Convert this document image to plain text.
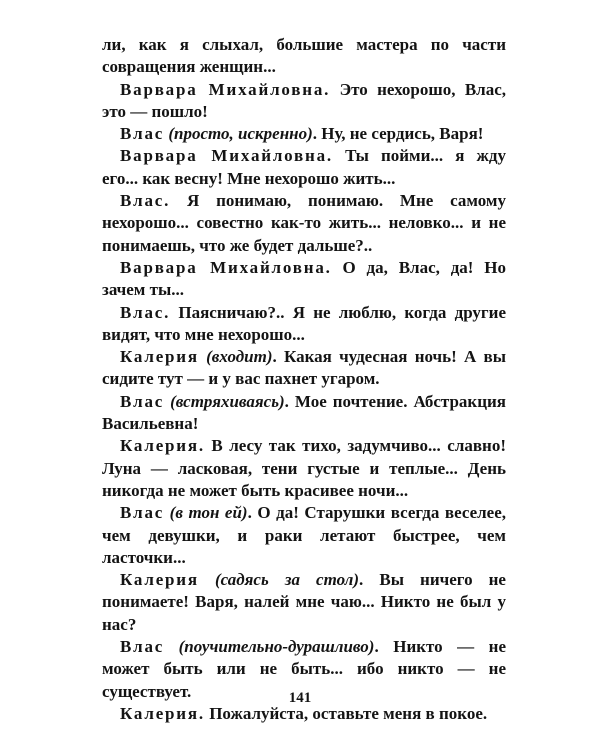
ли, как я слыхал, большие мастера по части совращения женщин...

Варвара Михайловна. Это нехорошо, Влас, это — пошло!

Влас (просто, искренно). Ну, не сердись, Варя!

Варвара Михайловна. Ты пойми... я жду его... как весну! Мне нехорошо жить...

Влас. Я понимаю, понимаю. Мне самому нехорошо... совестно как-то жить... неловко... и не понимаешь, что же будет дальше?..

Варвара Михайловна. О да, Влас, да! Но зачем ты...

Влас. Паясничаю?.. Я не люблю, когда другие видят, что мне нехорошо...

Калерия (входит). Какая чудесная ночь! А вы сидите тут — и у вас пахнет угаром.

Влас (встряхиваясь). Мое почтение. Абстракция Васильевна!

Калерия. В лесу так тихо, задумчиво... славно! Луна — ласковая, тени густые и теплые... День никогда не может быть красивее ночи...

Влас (в тон ей). О да! Старушки всегда веселее, чем девушки, и раки летают быстрее, чем ласточки...

Калерия (садясь за стол). Вы ничего не понимаете! Варя, налей мне чаю... Никто не был у нас?

Влас (поучительно-дурашливо). Никто — не может быть или не быть... ибо никто — не существует.

Калерия. Пожалуйста, оставьте меня в покое.

141
